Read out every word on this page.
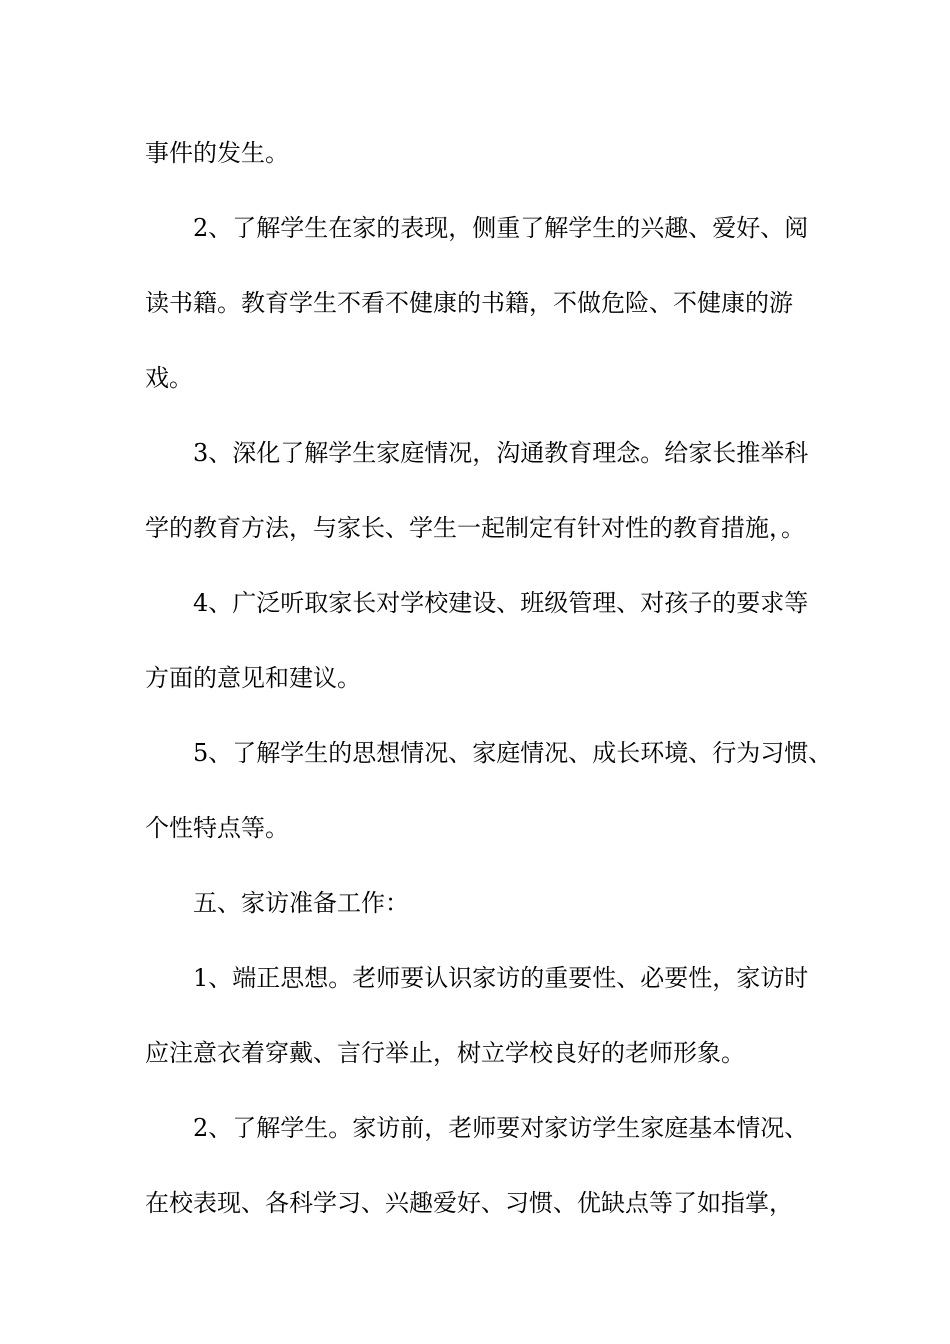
事件的发生。
2、了解学生在家的表现，侧重了解学生的兴趣、爱好、阅
读书籍。教育学生不看不健康的书籍，不做危险、不健康的游
戏。
3、深化了解学生家庭情况，沟通教育理念。给家长推举科
学的教育方法，与家长、学生一起制定有针对性的教育措施，。
4、广泛听取家长对学校建设、班级管理、对孩子的要求等
方面的意见和建议。
5、了解学生的思想情况、家庭情况、成长环境、行为习惯、
个性特点等。
五、家访准备工作：
1、端正思想。老师要认识家访的重要性、必要性，家访时
应注意衣着穿戴、言行举止，树立学校良好的老师形象。
2、了解学生。家访前，老师要对家访学生家庭基本情况、
在校表现、各科学习、兴趣爱好、习惯、优缺点等了如指掌，
